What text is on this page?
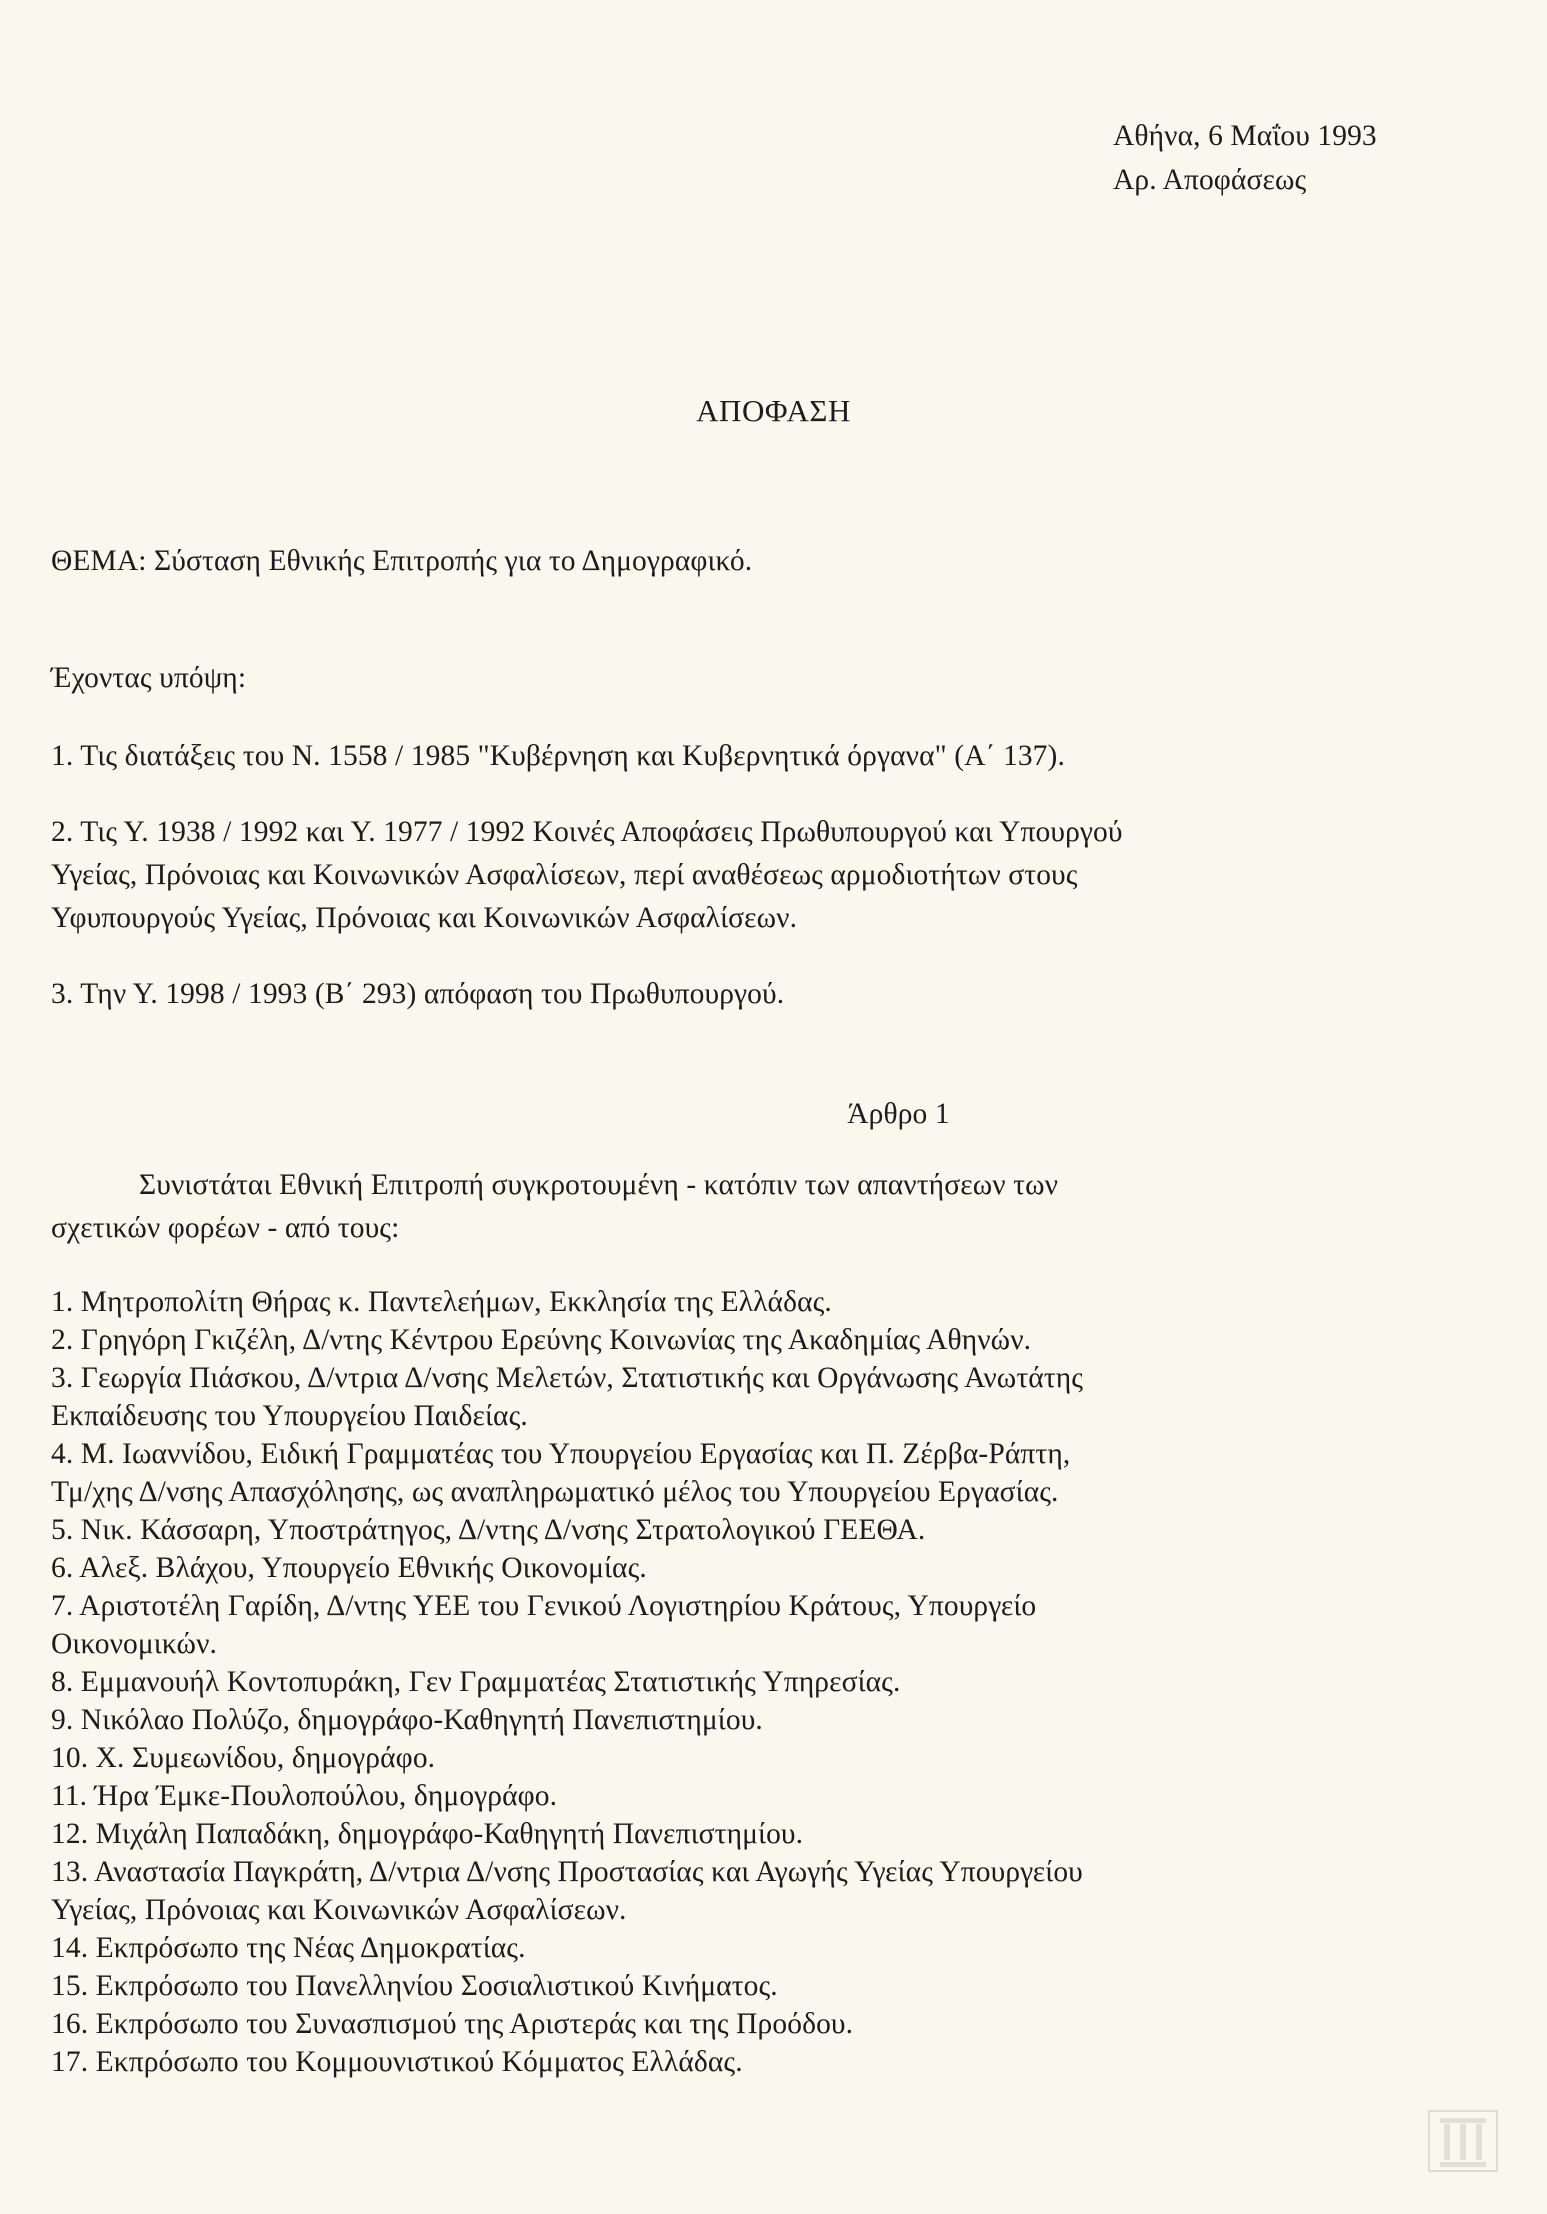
Αθήνα, 6 Μαΐου 1993
Αρ. Αποφάσεως
ΑΠΟΦΑΣΗ
ΘΕΜΑ: Σύσταση Εθνικής Επιτροπής για το Δημογραφικό.
Έχοντας υπόψη:
1. Τις διατάξεις του Ν. 1558 / 1985 "Κυβέρνηση και Κυβερνητικά όργανα" (Α΄ 137).
2. Τις Υ. 1938 / 1992 και Υ. 1977 / 1992 Κοινές Αποφάσεις Πρωθυπουργού και Υπουργού
Υγείας, Πρόνοιας και Κοινωνικών Ασφαλίσεων, περί αναθέσεως αρμοδιοτήτων στους
Υφυπουργούς Υγείας, Πρόνοιας και Κοινωνικών Ασφαλίσεων.
3. Την Υ. 1998 / 1993 (Β΄ 293) απόφαση του Πρωθυπουργού.
Άρθρο 1
Συνιστάται Εθνική Επιτροπή συγκροτουμένη - κατόπιν των απαντήσεων των
σχετικών φορέων - από τους:
1. Μητροπολίτη Θήρας κ. Παντελεήμων, Εκκλησία της Ελλάδας.
2. Γρηγόρη Γκιζέλη, Δ/ντης Κέντρου Ερεύνης Κοινωνίας της Ακαδημίας Αθηνών.
3. Γεωργία Πιάσκου, Δ/ντρια Δ/νσης Μελετών, Στατιστικής και Οργάνωσης Ανωτάτης
Εκπαίδευσης του Υπουργείου Παιδείας.
4. Μ. Ιωαννίδου, Ειδική Γραμματέας του Υπουργείου Εργασίας και Π. Ζέρβα-Ράπτη,
Τμ/χης Δ/νσης Απασχόλησης, ως αναπληρωματικό μέλος του Υπουργείου Εργασίας.
5. Νικ. Κάσσαρη, Υποστράτηγος, Δ/ντης Δ/νσης Στρατολογικού ΓΕΕΘΑ.
6. Αλεξ. Βλάχου, Υπουργείο Εθνικής Οικονομίας.
7. Αριστοτέλη Γαρίδη, Δ/ντης ΥΕΕ του Γενικού Λογιστηρίου Κράτους, Υπουργείο
Οικονομικών.
8. Εμμανουήλ Κοντοπυράκη, Γεν Γραμματέας Στατιστικής Υπηρεσίας.
9. Νικόλαο Πολύζο, δημογράφο-Καθηγητή Πανεπιστημίου.
10. Χ. Συμεωνίδου, δημογράφο.
11. Ήρα Έμκε-Πουλοπούλου, δημογράφο.
12. Μιχάλη Παπαδάκη, δημογράφο-Καθηγητή Πανεπιστημίου.
13. Αναστασία Παγκράτη, Δ/ντρια Δ/νσης Προστασίας και Αγωγής Υγείας Υπουργείου
Υγείας, Πρόνοιας και Κοινωνικών Ασφαλίσεων.
14. Εκπρόσωπο της Νέας Δημοκρατίας.
15. Εκπρόσωπο του Πανελληνίου Σοσιαλιστικού Κινήματος.
16. Εκπρόσωπο του Συνασπισμού της Αριστεράς και της Προόδου.
17. Εκπρόσωπο του Κομμουνιστικού Κόμματος Ελλάδας.
